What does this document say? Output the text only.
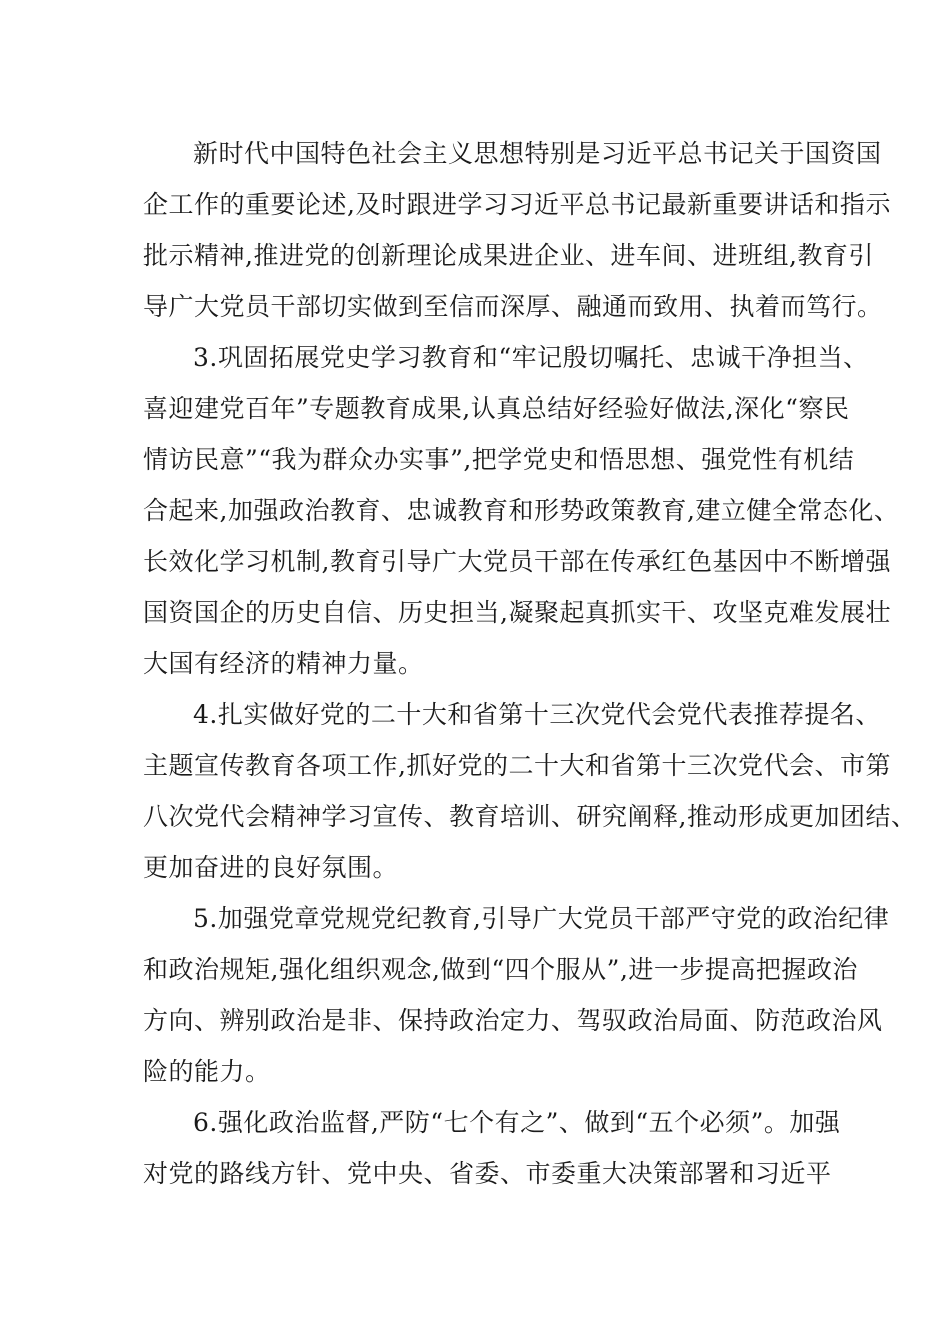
新时代中国特色社会主义思想特别是习近平总书记关于国资国
企工作的重要论述,及时跟进学习习近平总书记最新重要讲话和指示
批示精神,推进党的创新理论成果进企业、进车间、进班组,教育引
导广大党员干部切实做到至信而深厚、融通而致用、执着而笃行。
3.巩固拓展党史学习教育和“牢记殷切嘱托、忠诚干净担当、
喜迎建党百年”专题教育成果,认真总结好经验好做法,深化“察民
情访民意”“我为群众办实事”,把学党史和悟思想、强党性有机结
合起来,加强政治教育、忠诚教育和形势政策教育,建立健全常态化、
长效化学习机制,教育引导广大党员干部在传承红色基因中不断增强
国资国企的历史自信、历史担当,凝聚起真抓实干、攻坚克难发展壮
大国有经济的精神力量。
4.扎实做好党的二十大和省第十三次党代会党代表推荐提名、
主题宣传教育各项工作,抓好党的二十大和省第十三次党代会、市第
八次党代会精神学习宣传、教育培训、研究阐释,推动形成更加团结、
更加奋进的良好氛围。
5.加强党章党规党纪教育,引导广大党员干部严守党的政治纪律
和政治规矩,强化组织观念,做到“四个服从”,进一步提高把握政治
方向、辨别政治是非、保持政治定力、驾驭政治局面、防范政治风
险的能力。
6.强化政治监督,严防“七个有之”、做到“五个必须”。加强
对党的路线方针、党中央、省委、市委重大决策部署和习近平
